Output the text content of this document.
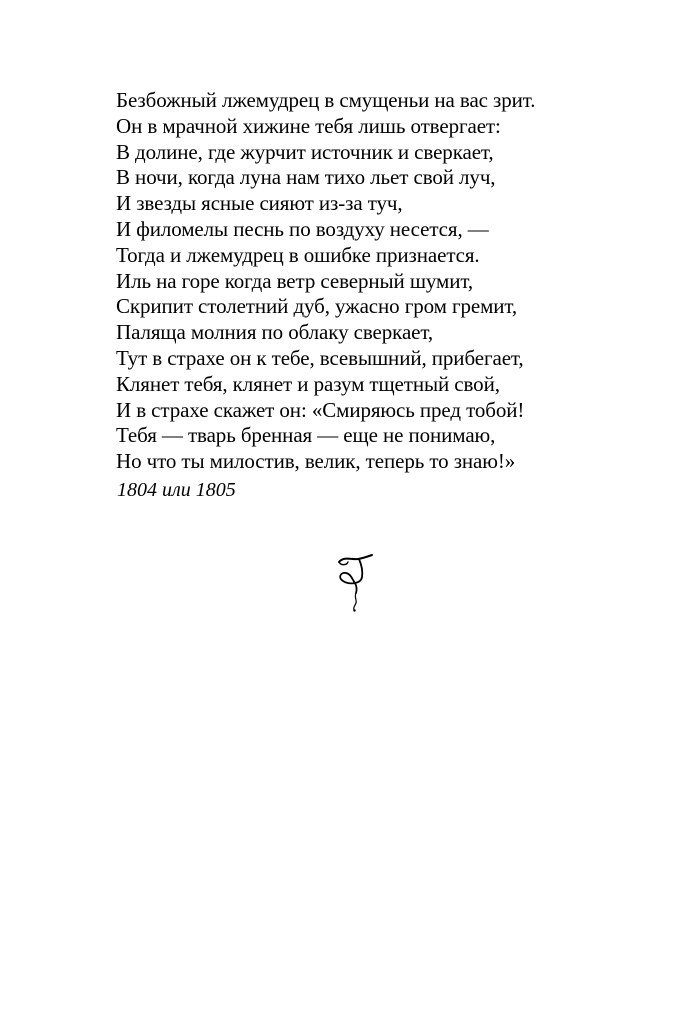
Безбожный лжемудрец в смущеньи на вас зрит.
Он в мрачной хижине тебя лишь отвергает:
В долине, где журчит источник и сверкает,
В ночи, когда луна нам тихо льет свой луч,
И звезды ясные сияют из-за туч,
И филомелы песнь по воздуху несется, —
Тогда и лжемудрец в ошибке признается.
Иль на горе когда ветр северный шумит,
Скрипит столетний дуб, ужасно гром гремит,
Паляща молния по облаку сверкает,
Тут в страхе он к тебе, всевышний, прибегает,
Клянет тебя, клянет и разум тщетный свой,
И в страхе скажет он: «Смиряюсь пред тобой!
Тебя — тварь бренная — еще не понимаю,
Но что ты милостив, велик, теперь то знаю!»
1804 или 1805
